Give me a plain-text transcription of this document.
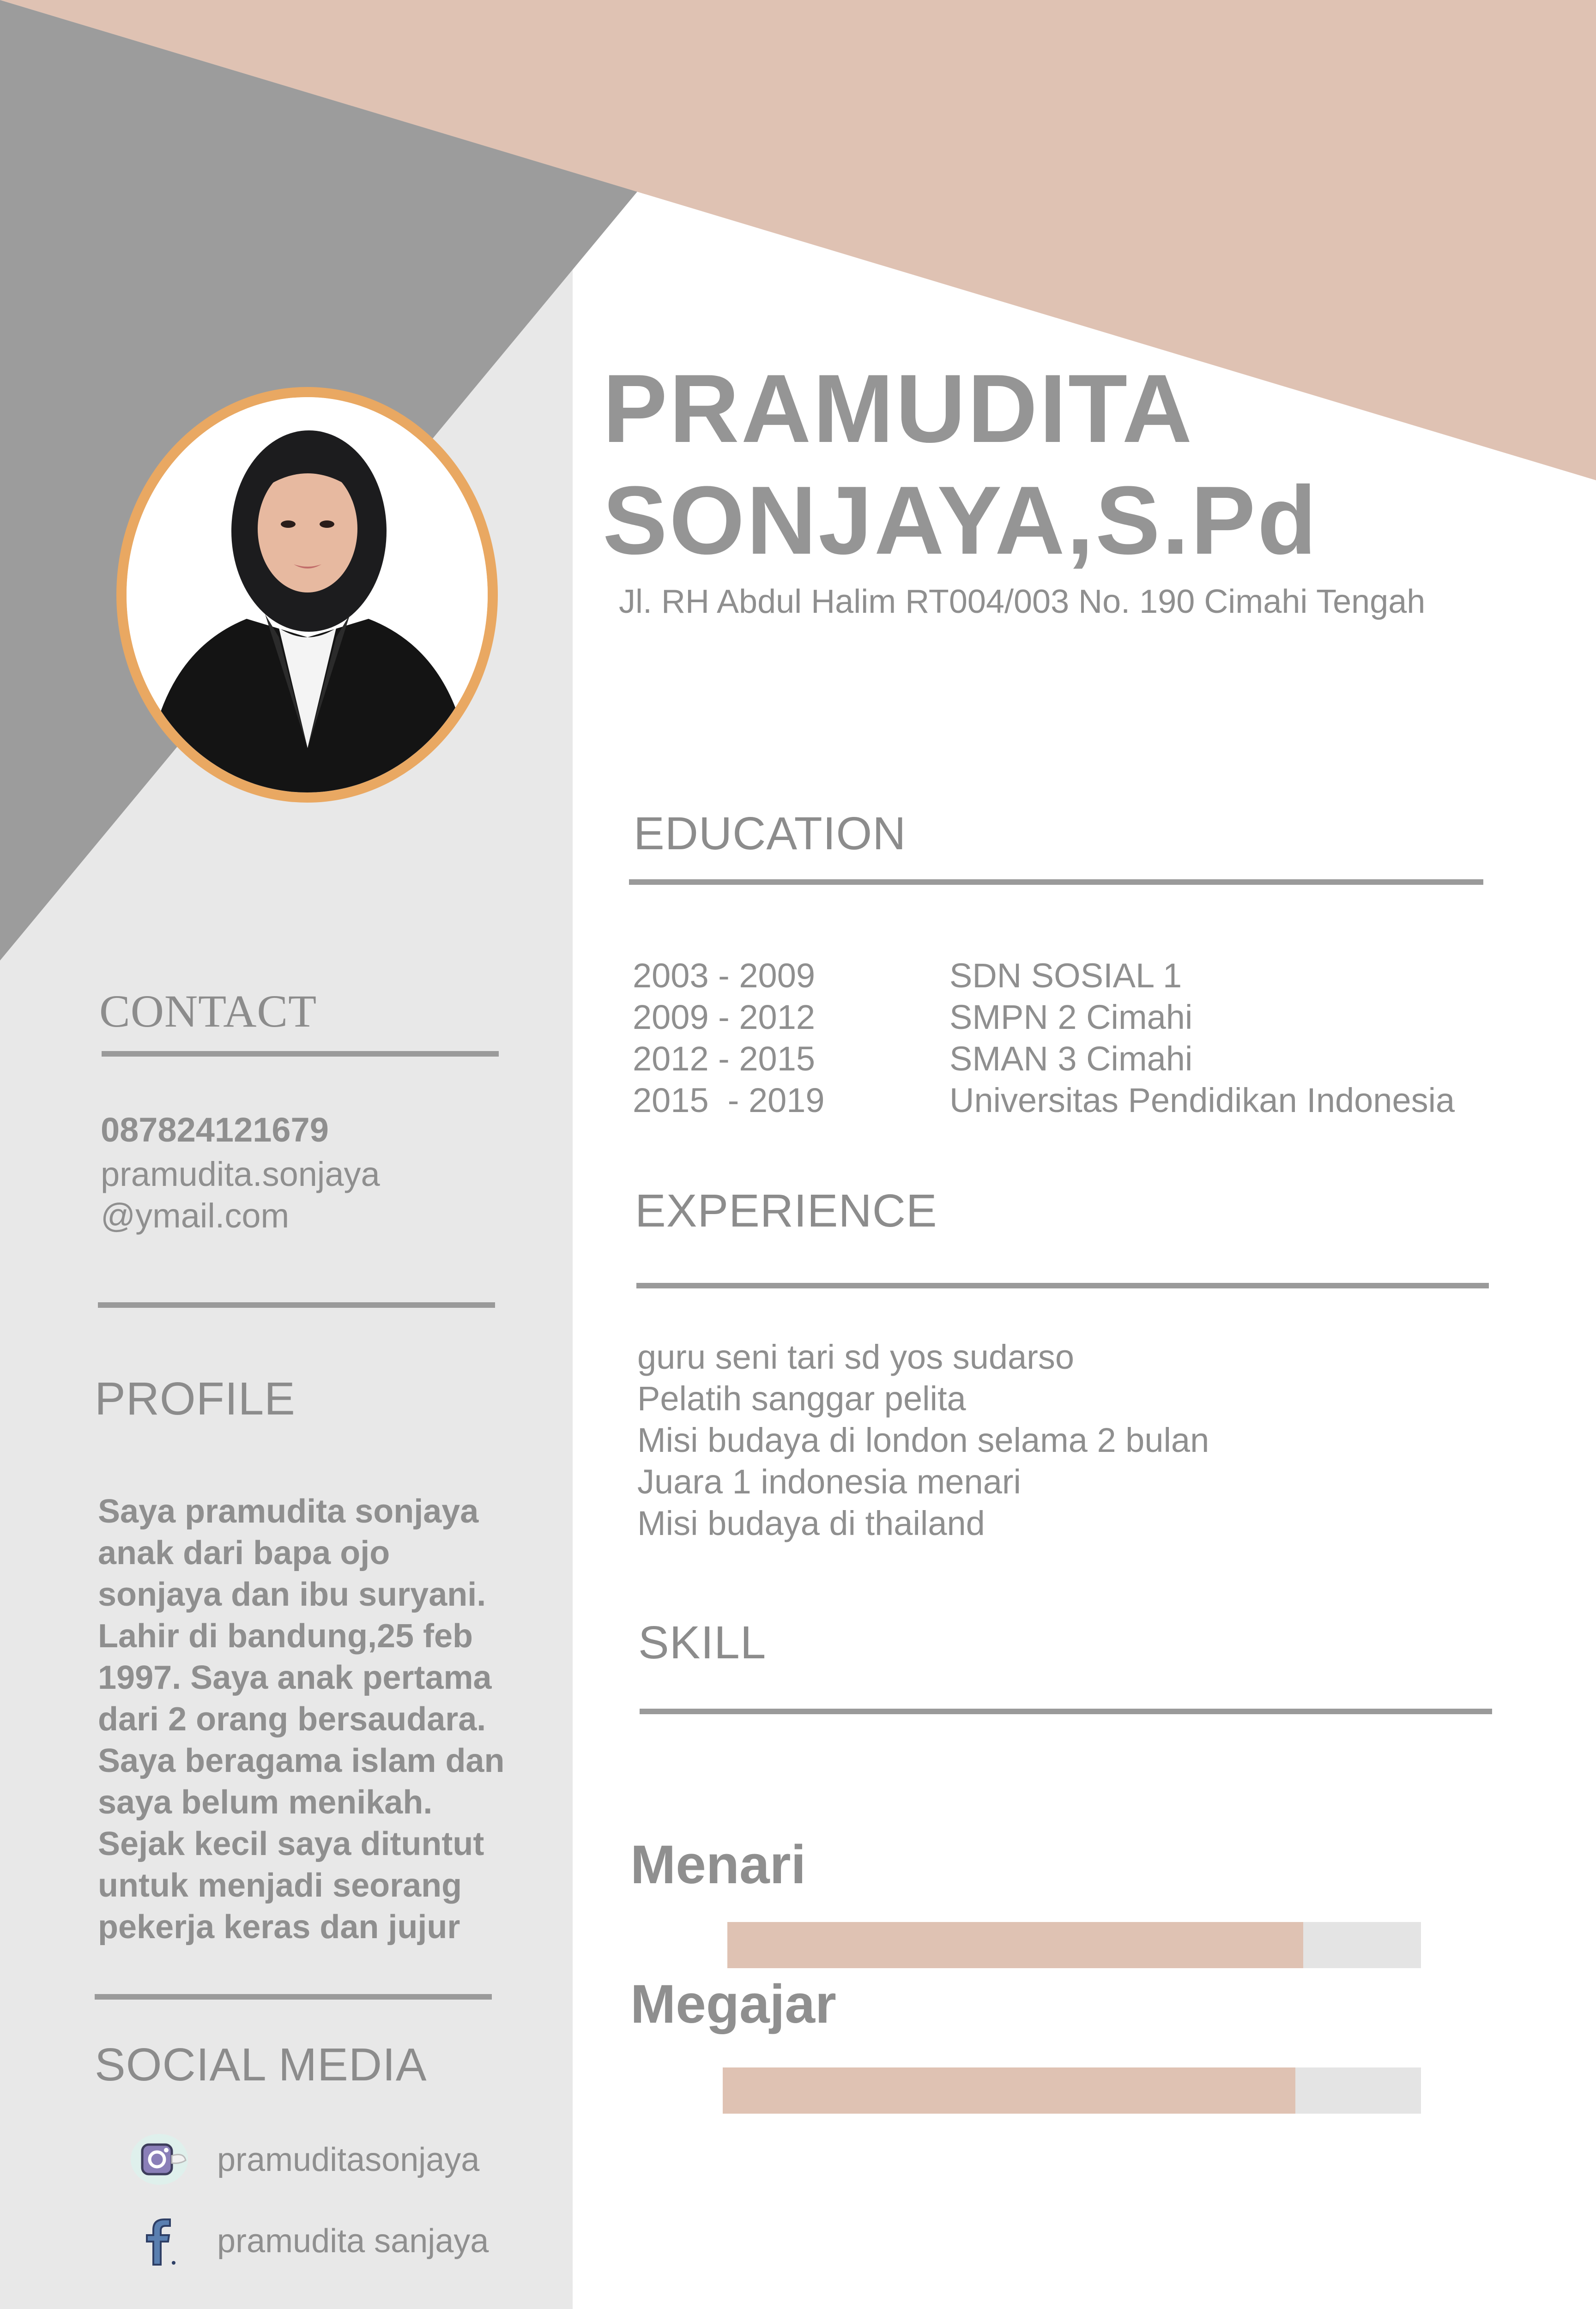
PRAMUDITA
SONJAYA,S.Pd
Jl. RH Abdul Halim RT004/003 No. 190 Cimahi Tengah
EDUCATION
2003 - 2009	SDN SOSIAL 1
2009 - 2012	SMPN 2 Cimahi
2012 - 2015	SMAN 3 Cimahi
2015  - 2019	Universitas Pendidikan Indonesia
EXPERIENCE
guru seni tari sd yos sudarso
Pelatih sanggar pelita
Misi budaya di london selama 2 bulan
Juara 1 indonesia menari
Misi budaya di thailand
SKILL
Menari
Megajar
CONTACT
087824121679
pramudita.sonjaya
@ymail.com
PROFILE
Saya pramudita sonjaya
anak dari bapa ojo
sonjaya dan ibu suryani.
Lahir di bandung,25 feb
1997. Saya anak pertama
dari 2 orang bersaudara.
Saya beragama islam dan
saya belum menikah.
Sejak kecil saya dituntut
untuk menjadi seorang
pekerja keras dan jujur
SOCIAL MEDIA
pramuditasonjaya
pramudita sanjaya
